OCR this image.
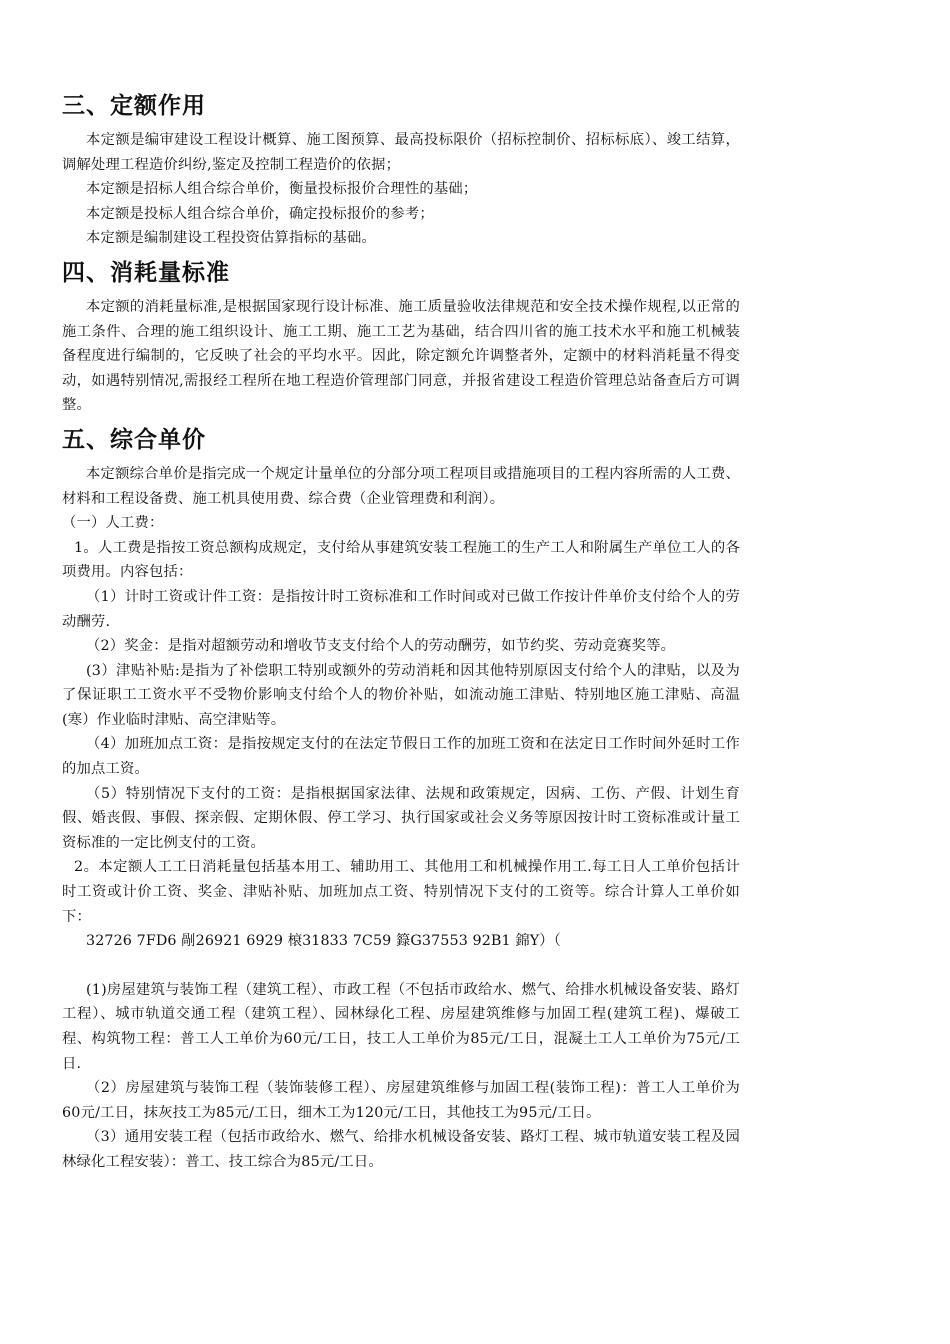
三、定额作用

本定额是编审建设工程设计概算、施工图预算、最高投标限价（招标控制价、招标标底）、竣工结算，调解处理工程造价纠纷,鉴定及控制工程造价的依据；

本定额是招标人组合综合单价，衡量投标报价合理性的基础；

本定额是投标人组合综合单价，确定投标报价的参考；

本定额是编制建设工程投资估算指标的基础。

四、消耗量标准

本定额的消耗量标准,是根据国家现行设计标准、施工质量验收法律规范和安全技术操作规程,以正常的施工条件、合理的施工组织设计、施工工期、施工工艺为基础，结合四川省的施工技术水平和施工机械装备程度进行编制的，它反映了社会的平均水平。因此，除定额允许调整者外，定额中的材料消耗量不得变动，如遇特别情况,需报经工程所在地工程造价管理部门同意，并报省建设工程造价管理总站备查后方可调整。

五、综合单价

本定额综合单价是指完成一个规定计量单位的分部分项工程项目或措施项目的工程内容所需的人工费、材料和工程设备费、施工机具使用费、综合费（企业管理费和利润）。

（一）人工费：

1。人工费是指按工资总额构成规定，支付给从事建筑安装工程施工的生产工人和附属生产单位工人的各项费用。内容包括：

（1）计时工资或计件工资：是指按计时工资标准和工作时间或对已做工作按计件单价支付给个人的劳动酬劳.

（2）奖金：是指对超额劳动和增收节支支付给个人的劳动酬劳，如节约奖、劳动竞赛奖等。

(3）津贴补贴:是指为了补偿职工特别或额外的劳动消耗和因其他特别原因支付给个人的津贴，以及为了保证职工工资水平不受物价影响支付给个人的物价补贴，如流动施工津贴、特别地区施工津贴、高温(寒）作业临时津贴、高空津贴等。

（4）加班加点工资：是指按规定支付的在法定节假日工作的加班工资和在法定日工作时间外延时工作的加点工资。

（5）特别情况下支付的工资：是指根据国家法律、法规和政策规定，因病、工伤、产假、计划生育假、婚丧假、事假、探亲假、定期休假、停工学习、执行国家或社会义务等原因按计时工资标准或计量工资标准的一定比例支付的工资。

2。本定额人工工日消耗量包括基本用工、辅助用工、其他用工和机械操作用工.每工日人工单价包括计时工资或计价工资、奖金、津贴补贴、加班加点工资、特别情况下支付的工资等。综合计算人工单价如下：

32726 7FD6 剮26921 6929 榱31833 7C59 籙G37553 92B1 錦Y）（

(1)房屋建筑与装饰工程（建筑工程）、市政工程（不包括市政给水、燃气、给排水机械设备安装、路灯工程）、城市轨道交通工程（建筑工程）、园林绿化工程、房屋建筑维修与加固工程(建筑工程)、爆破工程、构筑物工程：普工人工单价为60元/工日，技工人工单价为85元/工日，混凝土工人工单价为75元/工日.

（2）房屋建筑与装饰工程（装饰装修工程）、房屋建筑维修与加固工程(装饰工程)：普工人工单价为60元/工日，抹灰技工为85元/工日，细木工为120元/工日，其他技工为95元/工日。

（3）通用安装工程（包括市政给水、燃气、给排水机械设备安装、路灯工程、城市轨道安装工程及园林绿化工程安装）：普工、技工综合为85元/工日。
